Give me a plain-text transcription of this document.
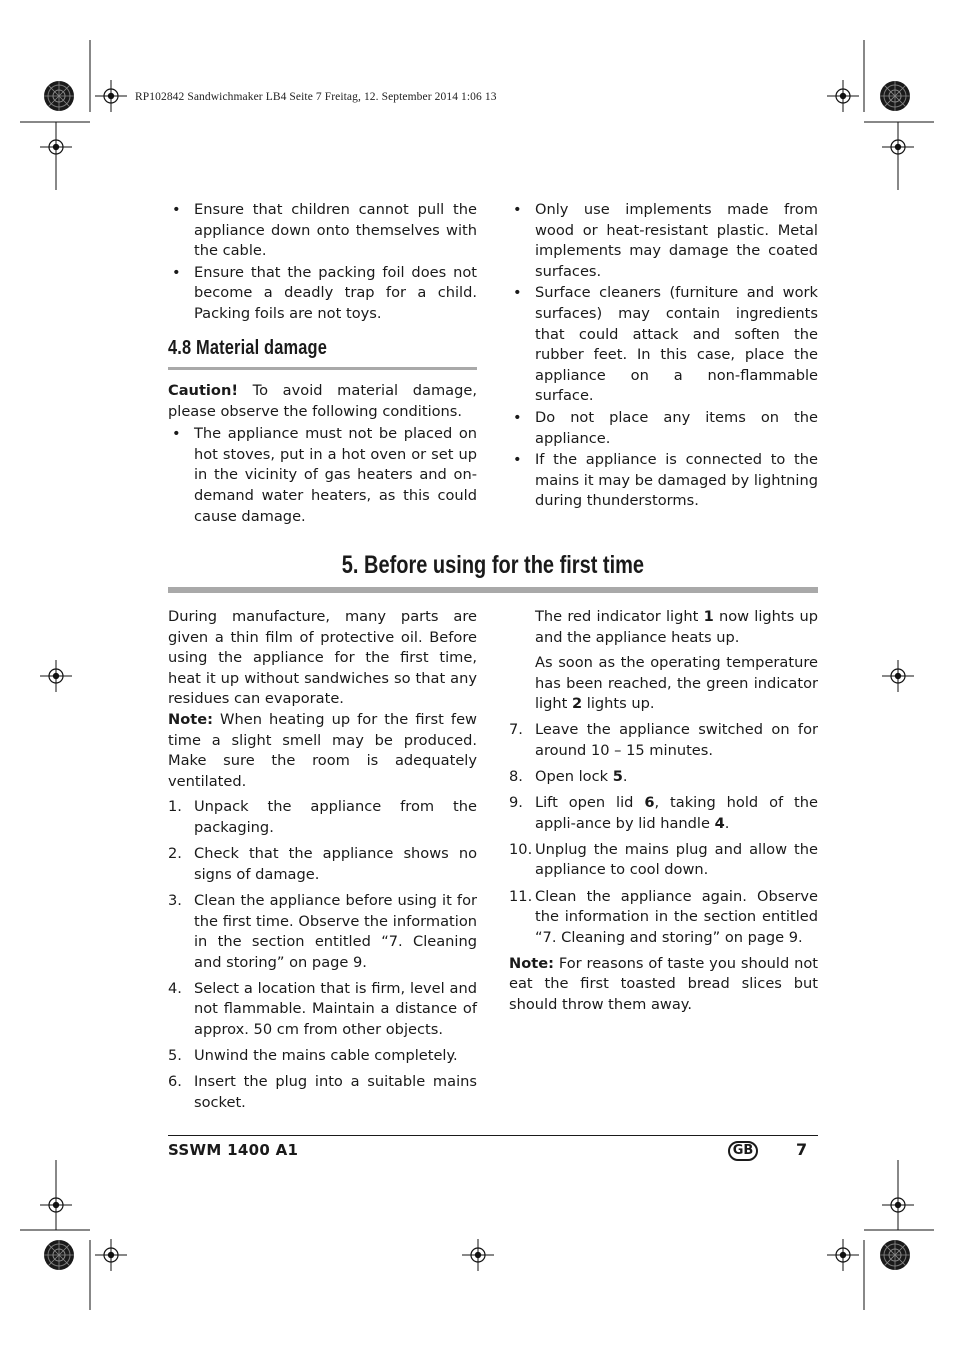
RP102842 Sandwichmaker LB4 Seite 7 Freitag, 12. September 2014 1:06 13
• Ensure that children cannot pull the appliance down onto themselves with the cable.
• Ensure that the packing foil does not become a deadly trap for a child. Packing foils are not toys.
4.8 Material damage

Caution! To avoid material damage, please observe the following conditions.

• The appliance must not be placed on hot stoves, put in a hot oven or set up in the vicinity of gas heaters and on-demand water heaters, as this could cause damage.
• Only use implements made from wood or heat-resistant plastic. Metal implements may damage the coated surfaces.
• Surface cleaners (furniture and work surfaces) may contain ingredients that could attack and soften the rubber feet. In this case, place the appliance on a non-flammable surface.
• Do not place any items on the appliance.
• If the appliance is connected to the mains it may be damaged by lightning during thunderstorms.
5. Before using for the first time

During manufacture, many parts are given a thin film of protective oil. Before using the appliance for the first time, heat it up without sandwiches so that any residues can evaporate.

Note: When heating up for the first few time a slight smell may be produced. Make sure the room is adequately ventilated.

1. Unpack the appliance from the packaging.
2. Check that the appliance shows no signs of damage.
3. Clean the appliance before using it for the first time. Observe the information in the section entitled “7. Cleaning and storing” on page 9.
4. Select a location that is firm, level and not flammable. Maintain a distance of approx. 50 cm from other objects.
5. Unwind the mains cable completely.
6. Insert the plug into a suitable mains socket.

The red indicator light 1 now lights up and the appliance heats up.

As soon as the operating temperature has been reached, the green indicator light 2 lights up.

7. Leave the appliance switched on for around 10 – 15 minutes.
8. Open lock 5.
9. Lift open lid 6, taking hold of the appli-ance by lid handle 4.
10. Unplug the mains plug and allow the appliance to cool down.
11. Clean the appliance again. Observe the information in the section entitled “7. Cleaning and storing” on page 9.

Note: For reasons of taste you should not eat the first toasted bread slices but should throw them away.

SSWM 1400 A1	GB	7
